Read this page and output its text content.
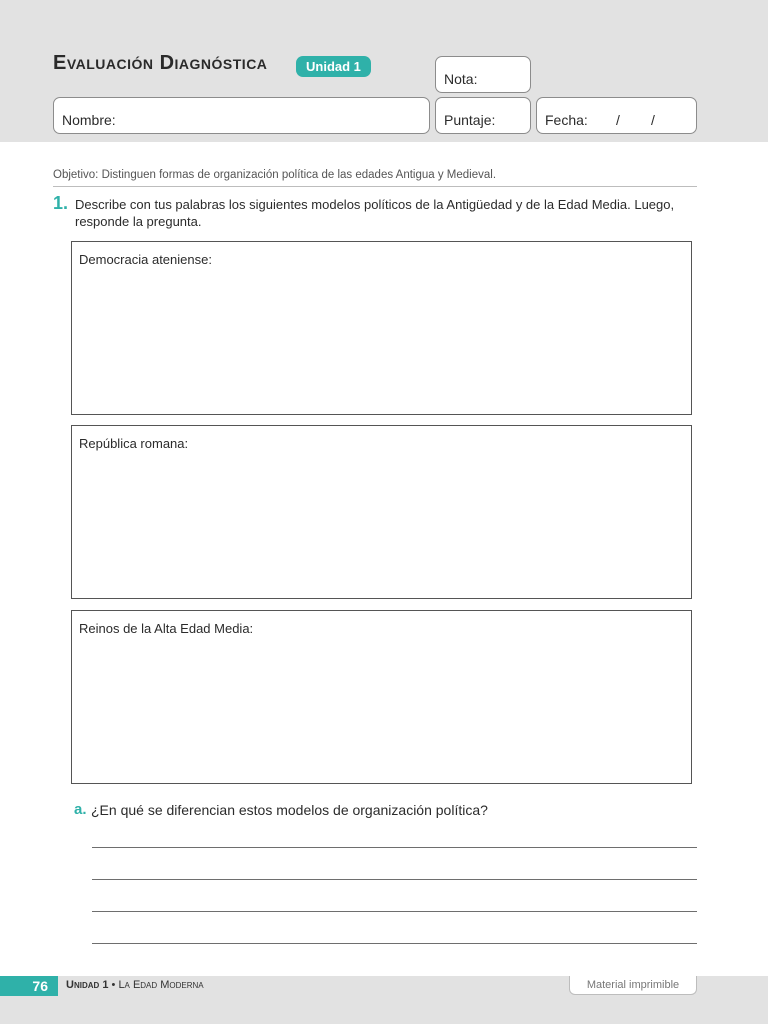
Evaluación Diagnóstica	Unidad 1
Nota:
Nombre:	Puntaje:	Fecha: / /
Objetivo: Distinguen formas de organización política de las edades Antigua y Medieval.
1. Describe con tus palabras los siguientes modelos políticos de la Antigüedad y de la Edad Media. Luego, responde la pregunta.
Democracia ateniense:
República romana:
Reinos de la Alta Edad Media:
a. ¿En qué se diferencian estos modelos de organización política?
76	Unidad 1 • La Edad Moderna	Material imprimible
